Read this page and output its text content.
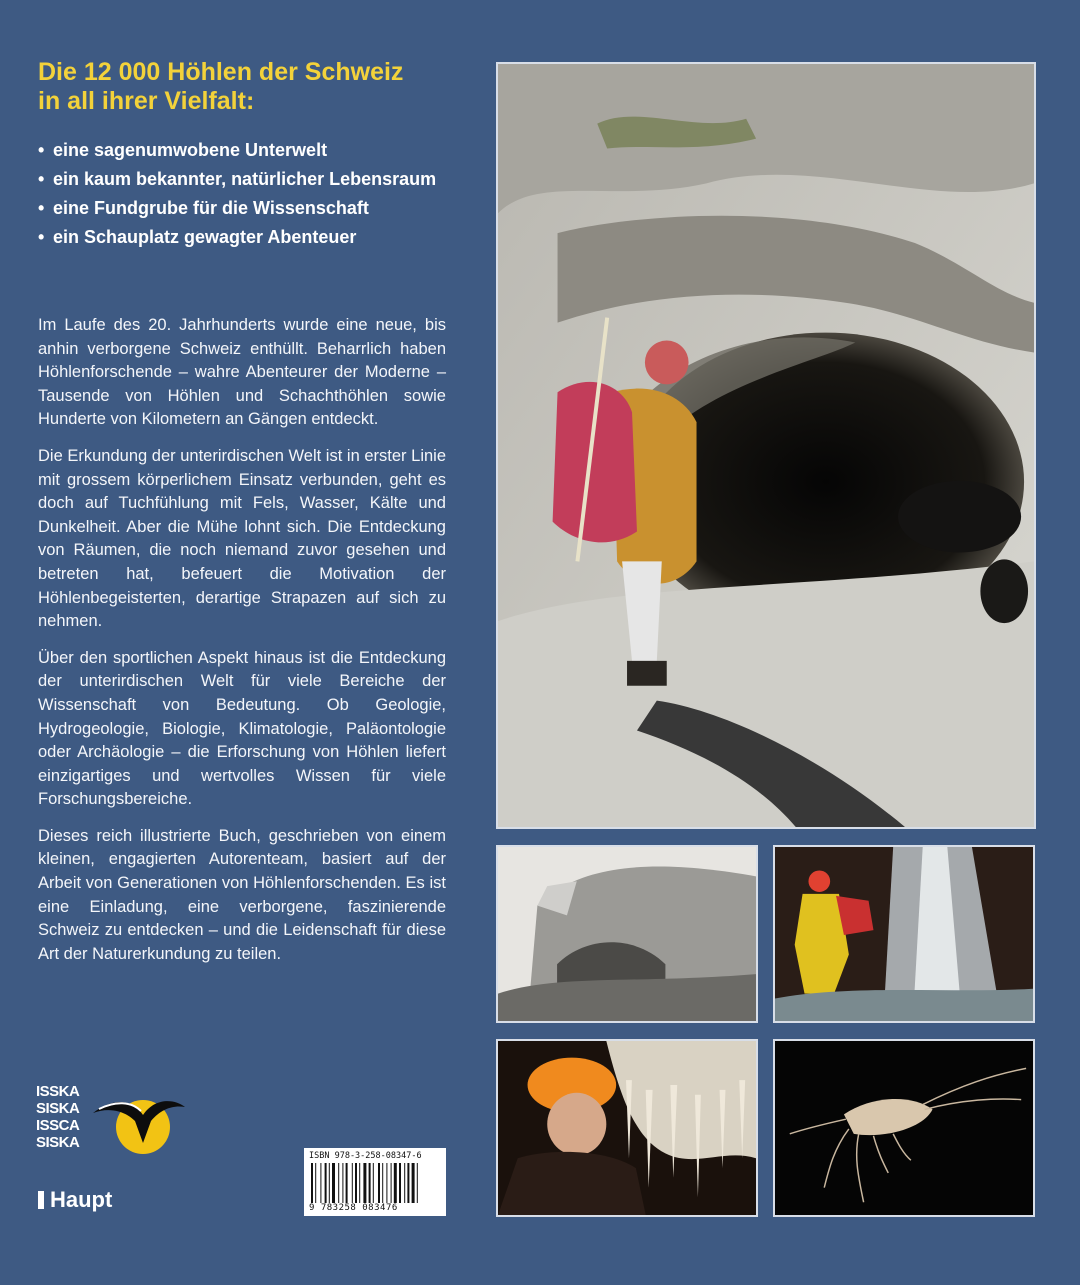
Die 12 000 Höhlen der Schweiz
in all ihrer Vielfalt:
• eine sagenumwobene Unterwelt
• ein kaum bekannter, natürlicher Lebensraum
• eine Fundgrube für die Wissenschaft
• ein Schauplatz gewagter Abenteuer

Im Laufe des 20. Jahrhunderts wurde eine neue, bis anhin verborgene Schweiz enthüllt. Beharrlich haben Höhlenforschende – wahre Abenteurer der Moderne – Tausende von Höhlen und Schachthöhlen sowie Hunderte von Kilometern an Gängen entdeckt.

Die Erkundung der unterirdischen Welt ist in erster Linie mit grossem körperlichem Einsatz verbunden, geht es doch auf Tuchfühlung mit Fels, Wasser, Kälte und Dunkelheit. Aber die Mühe lohnt sich. Die Entdeckung von Räumen, die noch niemand zuvor gesehen und betreten hat, befeuert die Motivation der Höhlenbegeisterten, derartige Strapazen auf sich zu nehmen.

Über den sportlichen Aspekt hinaus ist die Entdeckung der unterirdischen Welt für viele Bereiche der Wissenschaft von Bedeutung. Ob Geologie, Hydrogeologie, Biologie, Klimatologie, Paläontologie oder Archäologie – die Erforschung von Höhlen liefert einzigartiges und wertvolles Wissen für viele Forschungsbereiche.

Dieses reich illustrierte Buch, geschrieben von einem kleinen, engagierten Autorenteam, basiert auf der Arbeit von Generationen von Höhlenforschenden. Es ist eine Einladung, eine verborgene, faszinierende Schweiz zu entdecken – und die Leidenschaft für diese Art der Naturerkundung zu teilen.

ISSKA
SISKA
ISSCA
SISKA
Haupt
ISBN 978-3-258-08347-6
9 783258 083476
